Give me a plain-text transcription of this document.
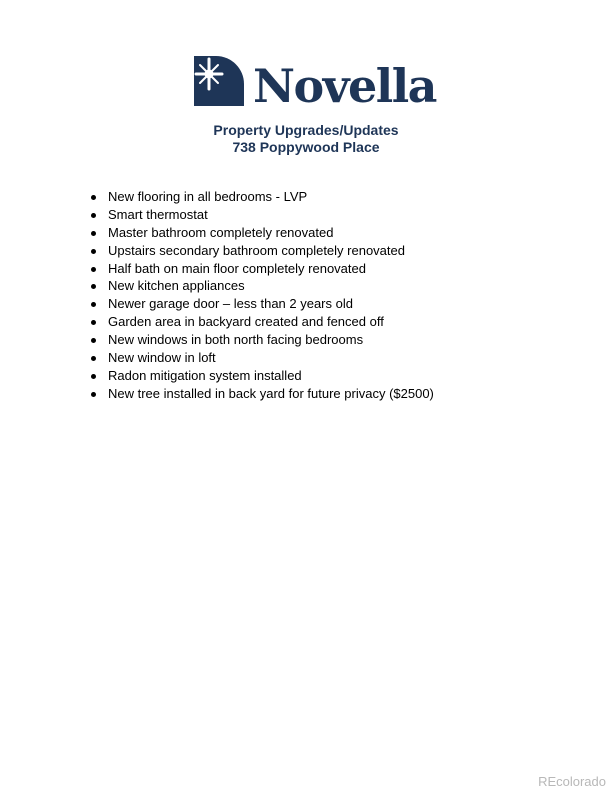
Novella
Property Upgrades/Updates
738 Poppywood Place
New flooring in all bedrooms - LVP
Smart thermostat
Master bathroom completely renovated
Upstairs secondary bathroom completely renovated
Half bath on main floor completely renovated
New kitchen appliances
Newer garage door – less than 2 years old
Garden area in backyard created and fenced off
New windows in both north facing bedrooms
New window in loft
Radon mitigation system installed
New tree installed in back yard for future privacy ($2500)
REcolorado
